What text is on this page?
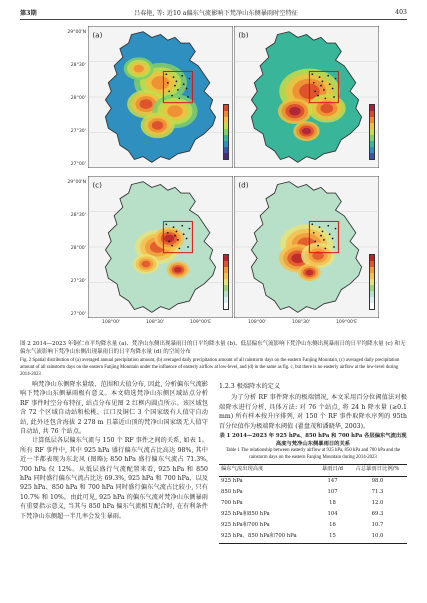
第3期	吕春艳, 等: 近10 a偏东气流影响下梵净山东侧暴雨时空特征	403
(a)	(b)
(c)	(d)
29°00'N
28°30'
28°00'
27°30'
27°00'
29°00'N
28°30'
28°00'
27°30'
27°00'
108°00'	108°30'	109°00'E	108°00'	108°30'	109°00'E
图 2 2014—2023 年铜仁市平均降水量 (a)、梵净山东侧出现暴雨日的日平均降水量 (b)、低层偏东气流影响下梵净山东侧出现暴雨日的日平均降水量 (c) 和无偏东气流影响下梵净山东侧出现暴雨日的日平均降水量 (d) 的空间分布
Fig. 2 Spatial distribution of (a) averaged annual precipitation amount, (b) averaged daily precipitation amount of all rainstorm days on the eastern Fanjing Mountain, (c) averaged daily precipitation amount of all rainstorm days on the eastern Fanjing Mountain under the influence of easterly airflow at low-level, and (d) in the same as fig. c, but there is no easterly airflow at the low-level during 2014-2023

响梵净山东侧降水量级、范围和大值分布, 因此, 分析偏东气流影响下梵净山东侧暴雨极有意义。本文筛选梵净山东侧区域站点分析 RF 事件时空分布特征, 站点分布见图 2 红框内圆点所示。该区域包含 72 个区域自动站和松桃、江口及铜仁 3 个国家级有人值守自动站, 此外还包含海拔 2 278 m 且靠近山顶的梵净山国家级无人值守自动站, 共 76 个站点。

计算低层各层偏东气流与 150 个 RF 事件之间的关系, 如表 1。所有 RF 事件中, 其中 925 hPa 盛行偏东气流占比高达 98%, 其中近一半都表现为东北风 (图略); 850 hPa 盛行偏东气流占 71.3%, 700 hPa 仅 12%。从低层盛行气流配置来看, 925 hPa 和 850 hPa 同时盛行偏东气流占比达 69.3%, 925 hPa 和 700 hPa、以及 925 hPa、850 hPa 和 700 hPa 同时盛行偏东气流占比较小, 只有 10.7% 和 10%。由此可见, 925 hPa 的偏东气流对梵净山东侧暴雨有重要指示意义, 当其与 850 hPa 偏东气流相互配合时, 在有利条件下梵净山东侧超一半几率会发生暴雨。

1.2.3 极端降水的定义

为了分析 RF 事件降水的极端情况, 本文采用百分位阈值法对极端降水进行分析, 具体方法: 对 76 个站点, 将 24 h 降水量 (≥0.1 mm) 所有样本按升序排列, 对 150 个 RF 事件取降水序列的 95th 百分位值作为极端降水阈值 (翟盘茂和潘晓华, 2003)。

表 1 2014—2023 年 925 hPa、850 hPa 和 700 hPa 各层偏东气流出现高度与梵净山东侧暴雨日的关系
Table 1 The relationship between easterly airflow at 925 hPa, 850 hPa and 700 hPa and the rainstorm days on the eastern Fanjing Mountain during 2014-2023
偏东气流出现高度	暴雨日/d	占总暴雨日比例/%
925 hPa	147	98.0
850 hPa	107	71.3
700 hPa	18	12.0
925 hPa和850 hPa	104	69.3
925 hPa和700 hPa	16	10.7
925 hPa、850 hPa和700 hPa	15	10.0
